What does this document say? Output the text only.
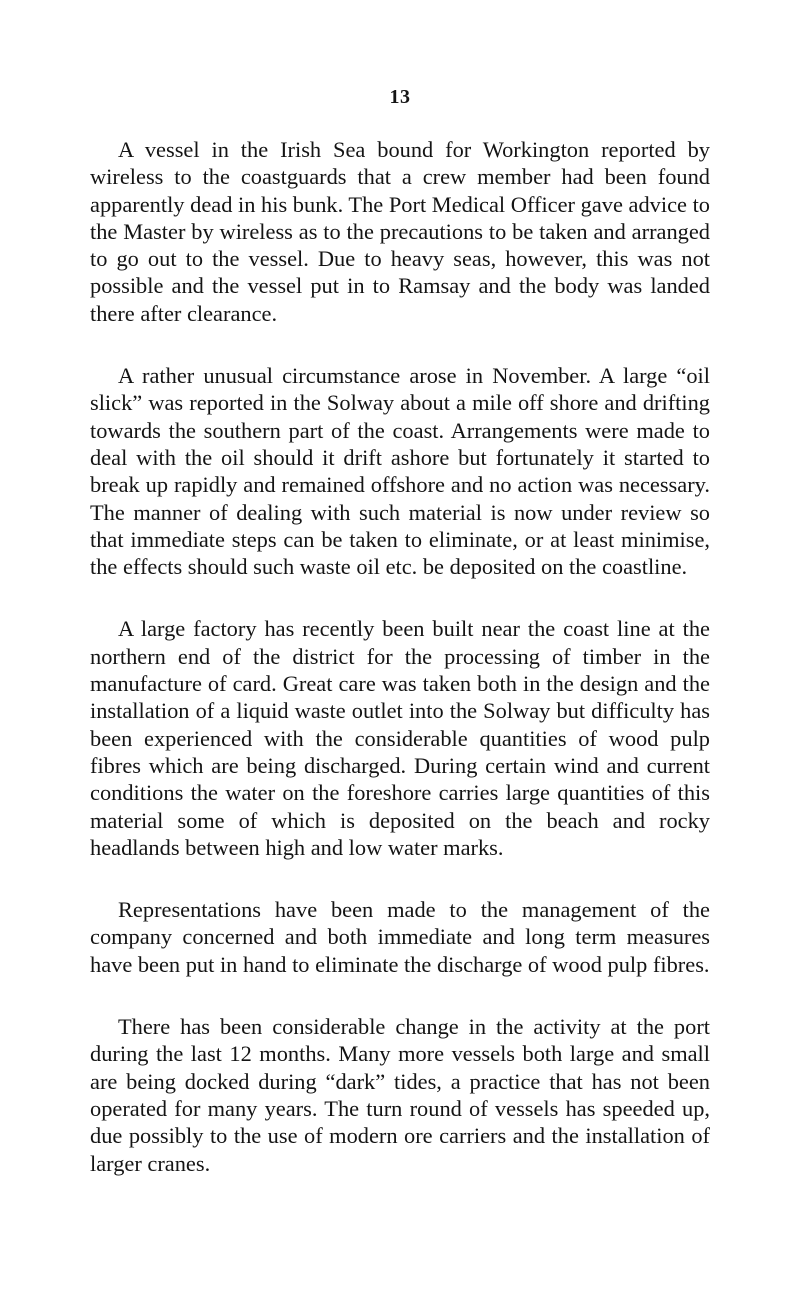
13

A vessel in the Irish Sea bound for Workington reported by wireless to the coastguards that a crew member had been found apparently dead in his bunk. The Port Medical Officer gave advice to the Master by wireless as to the precautions to be taken and arranged to go out to the vessel. Due to heavy seas, however, this was not possible and the vessel put in to Ramsay and the body was landed there after clearance.

A rather unusual circumstance arose in November. A large “oil slick” was reported in the Solway about a mile off shore and drifting towards the southern part of the coast. Arrangements were made to deal with the oil should it drift ashore but fortunately it started to break up rapidly and remained offshore and no action was necessary. The manner of dealing with such material is now under review so that immediate steps can be taken to eliminate, or at least minimise, the effects should such waste oil etc. be deposited on the coastline.

A large factory has recently been built near the coast line at the northern end of the district for the processing of timber in the manufacture of card. Great care was taken both in the design and the installation of a liquid waste outlet into the Solway but difficulty has been experienced with the considerable quantities of wood pulp fibres which are being discharged. During certain wind and current conditions the water on the foreshore carries large quantities of this material some of which is deposited on the beach and rocky headlands between high and low water marks.

Representations have been made to the management of the company concerned and both immediate and long term measures have been put in hand to eliminate the discharge of wood pulp fibres.

There has been considerable change in the activity at the port during the last 12 months. Many more vessels both large and small are being docked during “dark” tides, a practice that has not been operated for many years. The turn round of vessels has speeded up, due possibly to the use of modern ore carriers and the installation of larger cranes.
